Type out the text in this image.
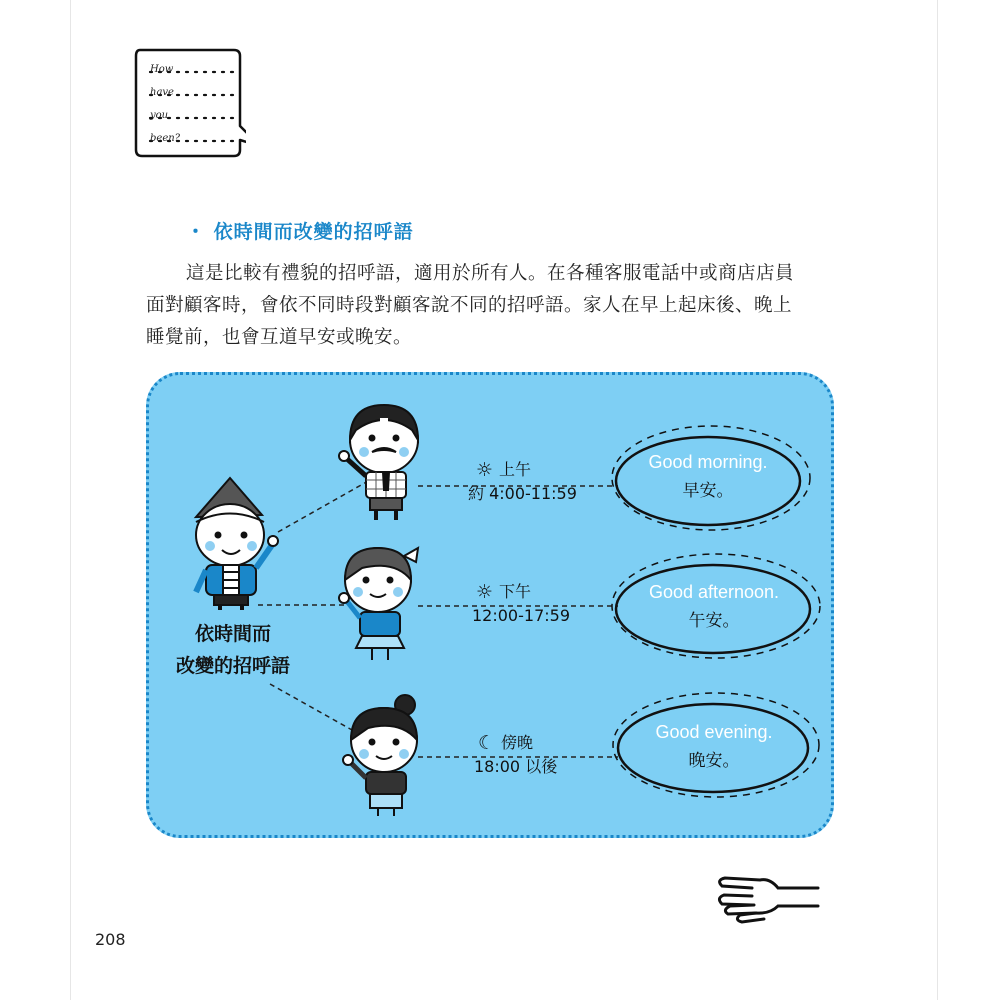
How
have
you
been?
・ 依時間而改變的招呼語
這是比較有禮貌的招呼語，適用於所有人。在各種客服電話中或商店店員
面對顧客時，會依不同時段對顧客說不同的招呼語。家人在早上起床後、晚上
睡覺前，也會互道早安或晚安。
依時間而
改變的招呼語
☼ 上午
約 4:00-11:59
☼ 下午
12:00-17:59
☾ 傍晚
18:00 以後
Good morning.
早安。
Good afternoon.
午安。
Good evening.
晚安。
208
